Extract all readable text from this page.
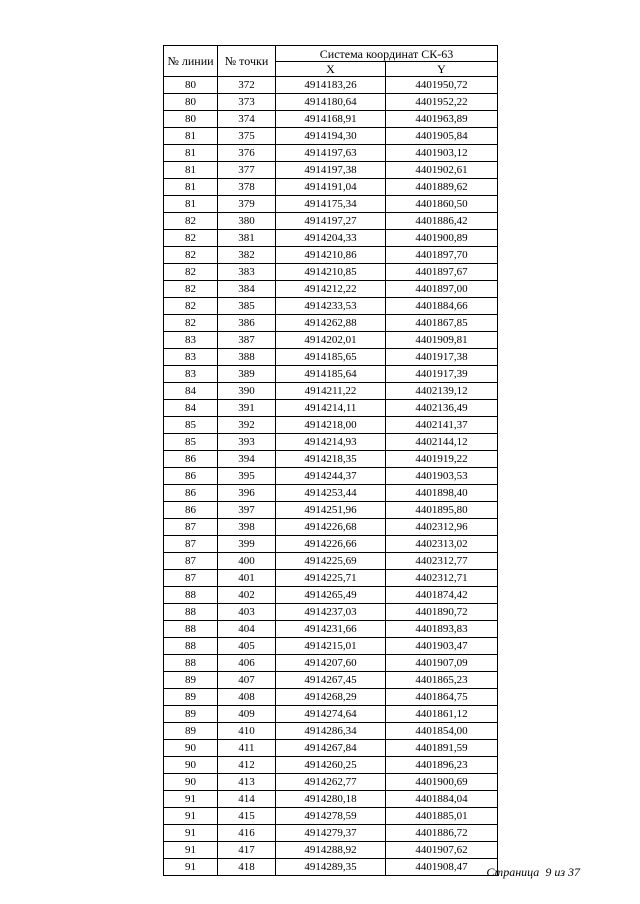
№ линии	№ точки	Система координат СК-63	
		X	Y
80	372	4914183,26	4401950,72
80	373	4914180,64	4401952,22
80	374	4914168,91	4401963,89
81	375	4914194,30	4401905,84
81	376	4914197,63	4401903,12
81	377	4914197,38	4401902,61
81	378	4914191,04	4401889,62
81	379	4914175,34	4401860,50
82	380	4914197,27	4401886,42
82	381	4914204,33	4401900,89
82	382	4914210,86	4401897,70
82	383	4914210,85	4401897,67
82	384	4914212,22	4401897,00
82	385	4914233,53	4401884,66
82	386	4914262,88	4401867,85
83	387	4914202,01	4401909,81
83	388	4914185,65	4401917,38
83	389	4914185,64	4401917,39
84	390	4914211,22	4402139,12
84	391	4914214,11	4402136,49
85	392	4914218,00	4402141,37
85	393	4914214,93	4402144,12
86	394	4914218,35	4401919,22
86	395	4914244,37	4401903,53
86	396	4914253,44	4401898,40
86	397	4914251,96	4401895,80
87	398	4914226,68	4402312,96
87	399	4914226,66	4402313,02
87	400	4914225,69	4402312,77
87	401	4914225,71	4402312,71
88	402	4914265,49	4401874,42
88	403	4914237,03	4401890,72
88	404	4914231,66	4401893,83
88	405	4914215,01	4401903,47
88	406	4914207,60	4401907,09
89	407	4914267,45	4401865,23
89	408	4914268,29	4401864,75
89	409	4914274,64	4401861,12
89	410	4914286,34	4401854,00
90	411	4914267,84	4401891,59
90	412	4914260,25	4401896,23
90	413	4914262,77	4401900,69
91	414	4914280,18	4401884,04
91	415	4914278,59	4401885,01
91	416	4914279,37	4401886,72
91	417	4914288,92	4401907,62
91	418	4914289,35	4401908,47 Страница 9 из 37
